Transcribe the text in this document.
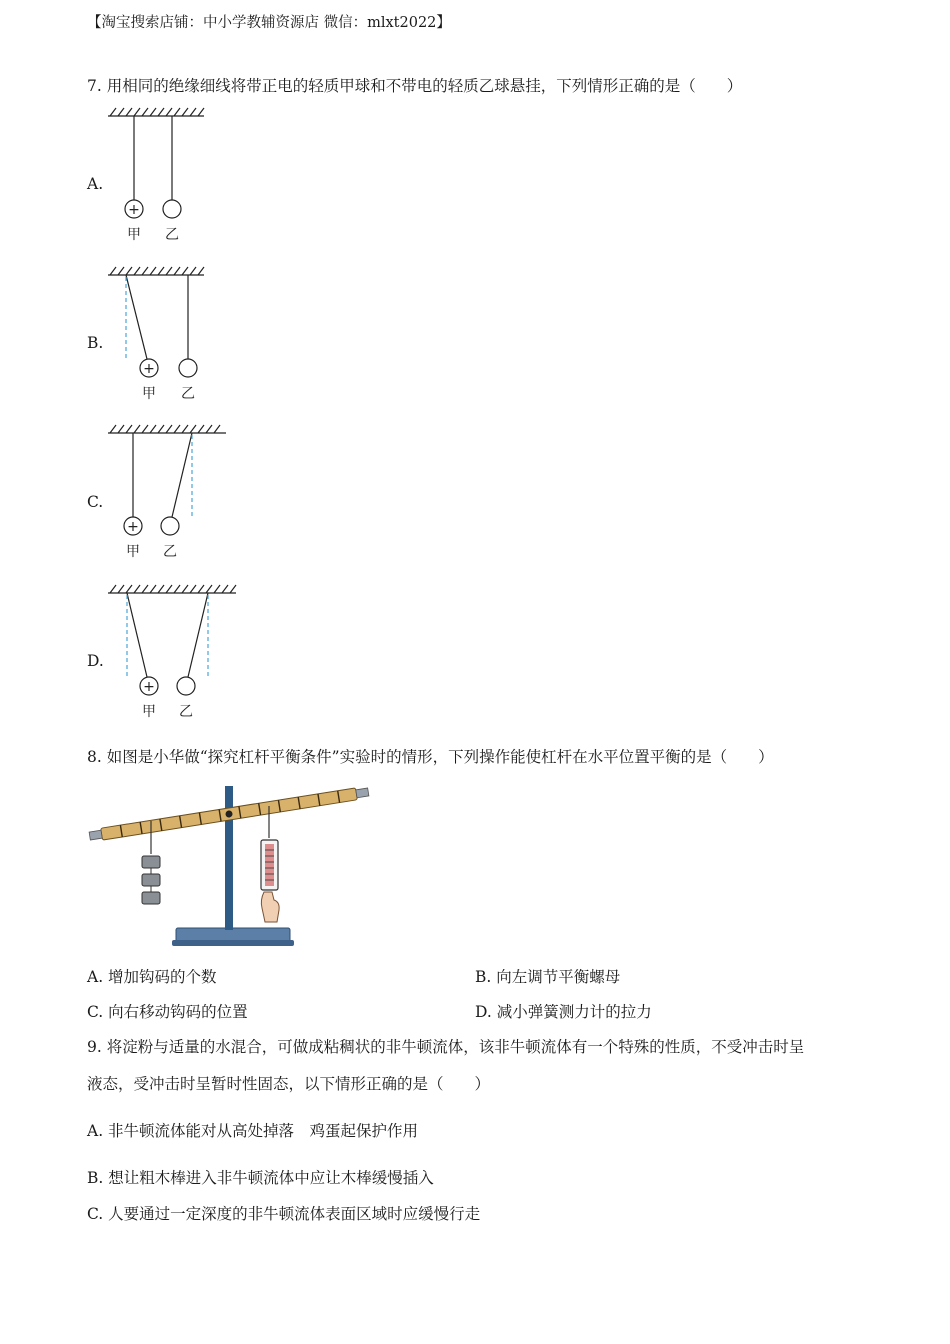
【淘宝搜索店铺：中小学教辅资源店 微信：mlxt2022】
7. 用相同的绝缘细线将带正电的轻质甲球和不带电的轻质乙球悬挂，下列情形正确的是（　　）
A.
+
甲 乙
B.
+
甲 乙
C.
+
甲 乙
D.
+
甲 乙
8. 如图是小华做“探究杠杆平衡条件”实验时的情形，下列操作能使杠杆在水平位置平衡的是（　　）
A. 增加钩码的个数	B. 向左调节平衡螺母
C. 向右移动钩码的位置	D. 减小弹簧测力计的拉力
9. 将淀粉与适量的水混合，可做成粘稠状的非牛顿流体，该非牛顿流体有一个特殊的性质，不受冲击时呈
液态，受冲击时呈暂时性固态，以下情形正确的是（　　）
A. 非牛顿流体能对从高处掉落　鸡蛋起保护作用
B. 想让粗木棒进入非牛顿流体中应让木棒缓慢插入
C. 人要通过一定深度的非牛顿流体表面区域时应缓慢行走
